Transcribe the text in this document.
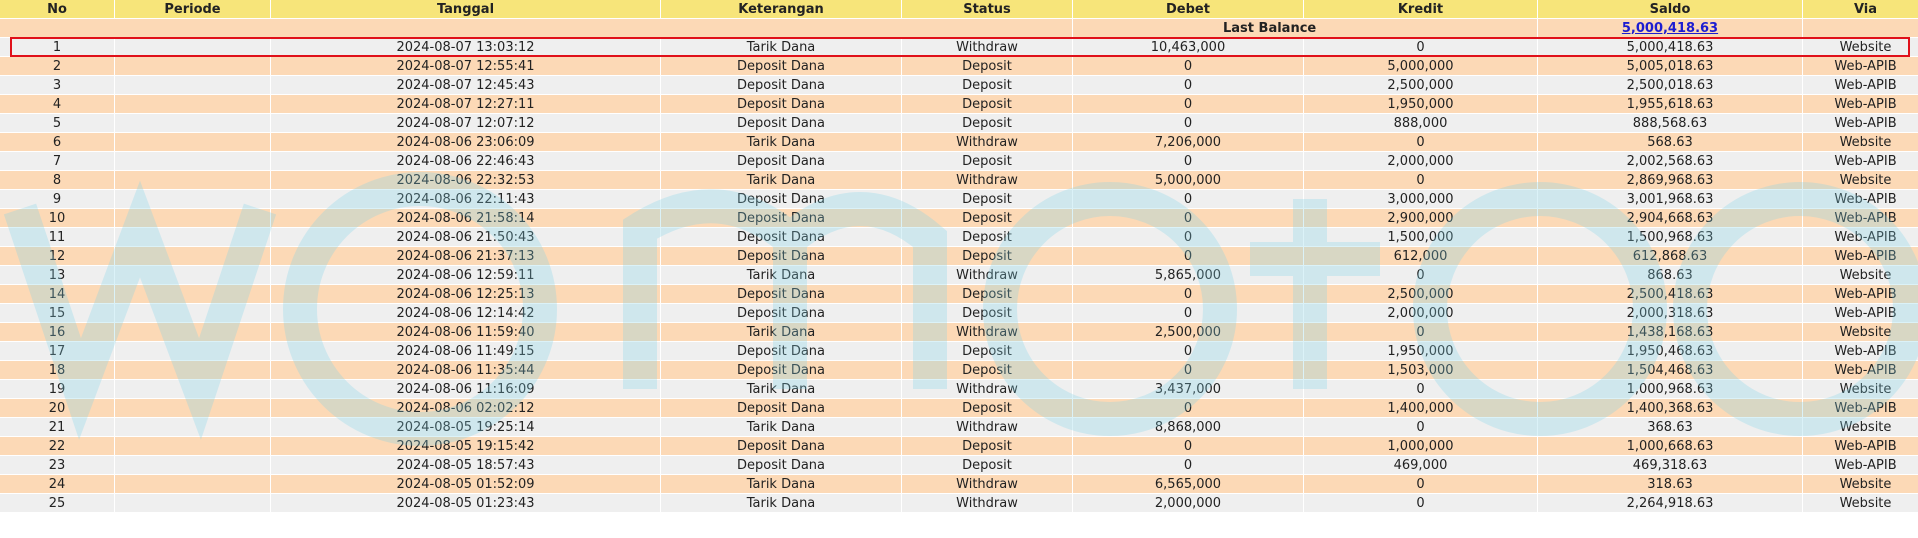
No	Periode	Tanggal	Keterangan	Status	Debet	Kredit	Saldo	Via
					Last Balance		5,000,418.63	
1		2024-08-07 13:03:12	Tarik Dana	Withdraw	10,463,000	0	5,000,418.63	Website
2		2024-08-07 12:55:41	Deposit Dana	Deposit	0	5,000,000	5,005,018.63	Web-APIB
3		2024-08-07 12:45:43	Deposit Dana	Deposit	0	2,500,000	2,500,018.63	Web-APIB
4		2024-08-07 12:27:11	Deposit Dana	Deposit	0	1,950,000	1,955,618.63	Web-APIB
5		2024-08-07 12:07:12	Deposit Dana	Deposit	0	888,000	888,568.63	Web-APIB
6		2024-08-06 23:06:09	Tarik Dana	Withdraw	7,206,000	0	568.63	Website
7		2024-08-06 22:46:43	Deposit Dana	Deposit	0	2,000,000	2,002,568.63	Web-APIB
8		2024-08-06 22:32:53	Tarik Dana	Withdraw	5,000,000	0	2,869,968.63	Website
9		2024-08-06 22:11:43	Deposit Dana	Deposit	0	3,000,000	3,001,968.63	Web-APIB
10		2024-08-06 21:58:14	Deposit Dana	Deposit	0	2,900,000	2,904,668.63	Web-APIB
11		2024-08-06 21:50:43	Deposit Dana	Deposit	0	1,500,000	1,500,968.63	Web-APIB
12		2024-08-06 21:37:13	Deposit Dana	Deposit	0	612,000	612,868.63	Web-APIB
13		2024-08-06 12:59:11	Tarik Dana	Withdraw	5,865,000	0	868.63	Website
14		2024-08-06 12:25:13	Deposit Dana	Deposit	0	2,500,000	2,500,418.63	Web-APIB
15		2024-08-06 12:14:42	Deposit Dana	Deposit	0	2,000,000	2,000,318.63	Web-APIB
16		2024-08-06 11:59:40	Tarik Dana	Withdraw	2,500,000	0	1,438,168.63	Website
17		2024-08-06 11:49:15	Deposit Dana	Deposit	0	1,950,000	1,950,468.63	Web-APIB
18		2024-08-06 11:35:44	Deposit Dana	Deposit	0	1,503,000	1,504,468.63	Web-APIB
19		2024-08-06 11:16:09	Tarik Dana	Withdraw	3,437,000	0	1,000,968.63	Website
20		2024-08-06 02:02:12	Deposit Dana	Deposit	0	1,400,000	1,400,368.63	Web-APIB
21		2024-08-05 19:25:14	Tarik Dana	Withdraw	8,868,000	0	368.63	Website
22		2024-08-05 19:15:42	Deposit Dana	Deposit	0	1,000,000	1,000,668.63	Web-APIB
23		2024-08-05 18:57:43	Deposit Dana	Deposit	0	469,000	469,318.63	Web-APIB
24		2024-08-05 01:52:09	Tarik Dana	Withdraw	6,565,000	0	318.63	Website
25		2024-08-05 01:23:43	Tarik Dana	Withdraw	2,000,000	0	2,264,918.63	Website
